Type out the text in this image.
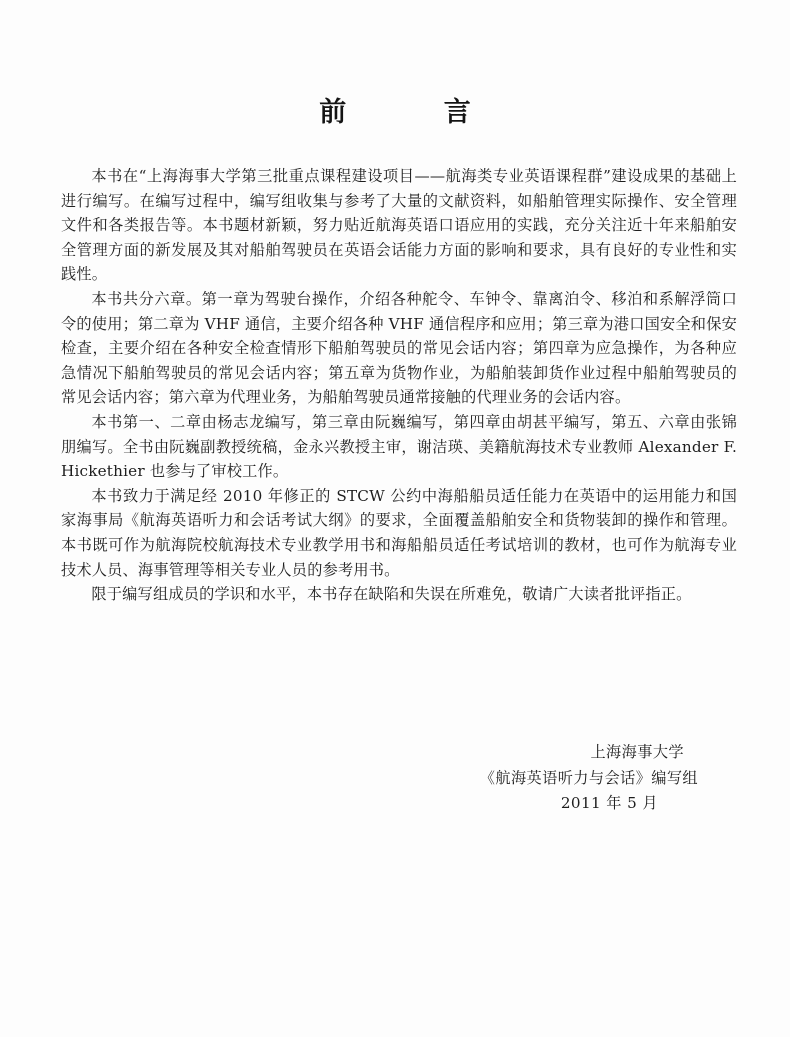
前 言

本书在“上海海事大学第三批重点课程建设项目——航海类专业英语课程群”建设成果的基础上进行编写。在编写过程中，编写组收集与参考了大量的文献资料，如船舶管理实际操作、安全管理文件和各类报告等。本书题材新颖，努力贴近航海英语口语应用的实践，充分关注近十年来船舶安全管理方面的新发展及其对船舶驾驶员在英语会话能力方面的影响和要求，具有良好的专业性和实践性。

本书共分六章。第一章为驾驶台操作，介绍各种舵令、车钟令、靠离泊令、移泊和系解浮筒口令的使用；第二章为 VHF 通信，主要介绍各种 VHF 通信程序和应用；第三章为港口国安全和保安检查，主要介绍在各种安全检查情形下船舶驾驶员的常见会话内容；第四章为应急操作，为各种应急情况下船舶驾驶员的常见会话内容；第五章为货物作业，为船舶装卸货作业过程中船舶驾驶员的常见会话内容；第六章为代理业务，为船舶驾驶员通常接触的代理业务的会话内容。

本书第一、二章由杨志龙编写，第三章由阮巍编写，第四章由胡甚平编写，第五、六章由张锦朋编写。全书由阮巍副教授统稿，金永兴教授主审，谢洁瑛、美籍航海技术专业教师 Alexander F. Hickethier 也参与了审校工作。

本书致力于满足经 2010 年修正的 STCW 公约中海船船员适任能力在英语中的运用能力和国家海事局《航海英语听力和会话考试大纲》的要求，全面覆盖船舶安全和货物装卸的操作和管理。本书既可作为航海院校航海技术专业教学用书和海船船员适任考试培训的教材，也可作为航海专业技术人员、海事管理等相关专业人员的参考用书。

限于编写组成员的学识和水平，本书存在缺陷和失误在所难免，敬请广大读者批评指正。

上海海事大学
《航海英语听力与会话》编写组
2011 年 5 月
